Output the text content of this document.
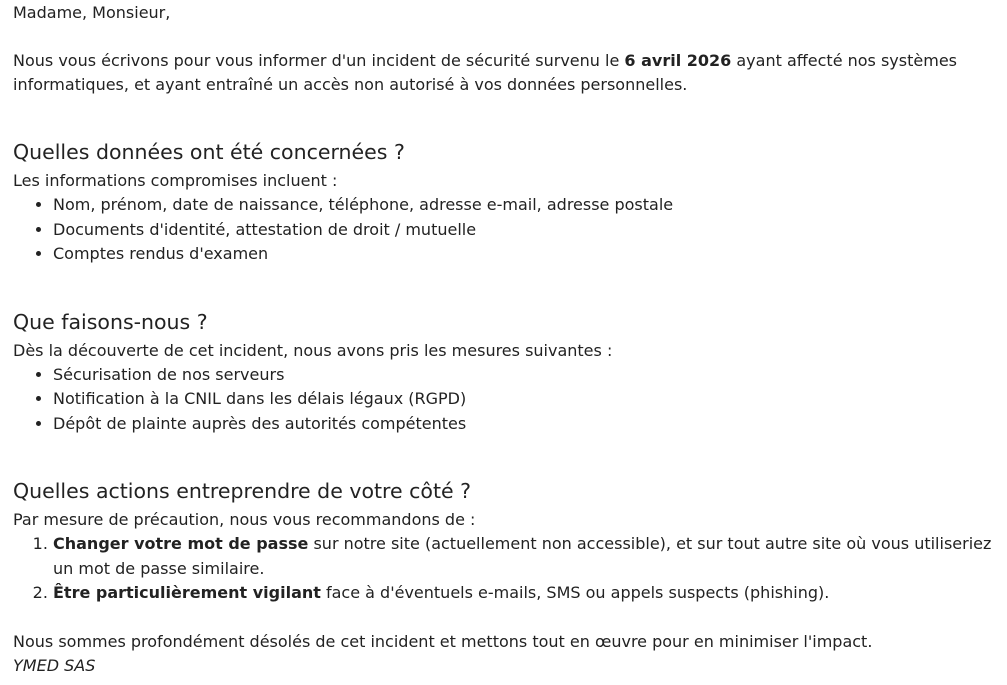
Madame, Monsieur,

Nous vous écrivons pour vous informer d'un incident de sécurité survenu le 6 avril 2026 ayant affecté nos systèmes informatiques, et ayant entraîné un accès non autorisé à vos données personnelles.

Quelles données ont été concernées ?

Les informations compromises incluent :

• Nom, prénom, date de naissance, téléphone, adresse e-mail, adresse postale
• Documents d'identité, attestation de droit / mutuelle
• Comptes rendus d'examen
Que faisons-nous ?

Dès la découverte de cet incident, nous avons pris les mesures suivantes :

• Sécurisation de nos serveurs
• Notification à la CNIL dans les délais légaux (RGPD)
• Dépôt de plainte auprès des autorités compétentes
Quelles actions entreprendre de votre côté ?

Par mesure de précaution, nous vous recommandons de :

1. Changer votre mot de passe sur notre site (actuellement non accessible), et sur tout autre site où vous utiliseriez un mot de passe similaire.
2. Être particulièrement vigilant face à d'éventuels e-mails, SMS ou appels suspects (phishing).

Nous sommes profondément désolés de cet incident et mettons tout en œuvre pour en minimiser l'impact.

YMED SAS
